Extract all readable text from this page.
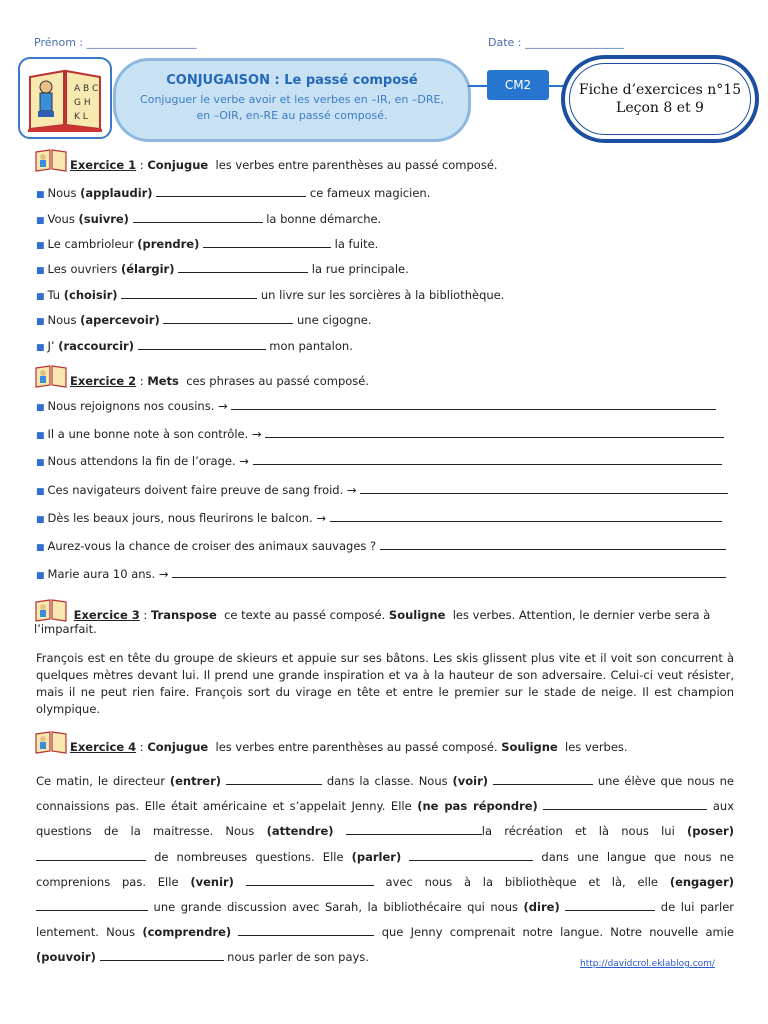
Prénom : ____________________	Date : __________________
A B C
G H
K L
CONJUGAISON : Le passé composé
Conjuguer le verbe avoir et les verbes en –IR, en –DRE, en –OIR, en-RE au passé composé.
CM2	Fiche d’exercices n°15
Leçon 8 et 9
Exercice 1 : Conjugue
les verbes entre parenthèses au passé composé.
■ Nous (applaudir)	ce fameux magicien.
■ Vous (suivre)	la bonne démarche.
■ Le cambrioleur (prendre)	la fuite.
■ Les ouvriers (élargir)	la rue principale.
■ Tu (choisir)	un livre sur les sorcières à la bibliothèque.
■ Nous (apercevoir)	une cigogne.
■ J’ (raccourcir)	mon pantalon.
Exercice 2 : Mets
ces phrases au passé composé.
■ Nous rejoignons nos cousins. →
■ Il a une bonne note à son contrôle. →
■ Nous attendons la fin de l’orage. →
■ Ces navigateurs doivent faire preuve de sang froid. →
■ Dès les beaux jours, nous fleurirons le balcon. →
■ Aurez-vous la chance de croiser des animaux sauvages ?
■ Marie aura 10 ans. →
Exercice 3 : Transpose ce texte au passé composé. Souligne les verbes. Attention, le dernier verbe sera à l’imparfait.
François est en tête du groupe de skieurs et appuie sur ses bâtons. Les skis glissent plus vite et il voit son concurrent à quelques mètres devant lui. Il prend une grande inspiration et va à la hauteur de son adversaire. Celui-ci veut résister, mais il ne peut rien faire. François sort du virage en tête et entre le premier sur le stade de neige. Il est champion olympique.
Exercice 4 : Conjugue
les verbes entre parenthèses au passé composé.
Souligne
les verbes.
Ce matin, le directeur (entrer)	dans la classe. Nous (voir)	une élève que nous ne connaissions pas. Elle était américaine et s’appelait Jenny. Elle (ne pas répondre)	aux questions de la maitresse. Nous (attendre)	la récréation et là nous lui (poser)  de nombreuses questions. Elle (parler)	dans une langue que nous ne comprenions pas. Elle (venir)	avec nous à la bibliothèque et là, elle (engager)  une grande discussion avec Sarah, la bibliothécaire qui nous (dire)	de lui parler lentement. Nous (comprendre)	que Jenny comprenait notre langue. Notre nouvelle amie (pouvoir)	nous parler de son pays.	http://davidcrol.eklablog.com/
